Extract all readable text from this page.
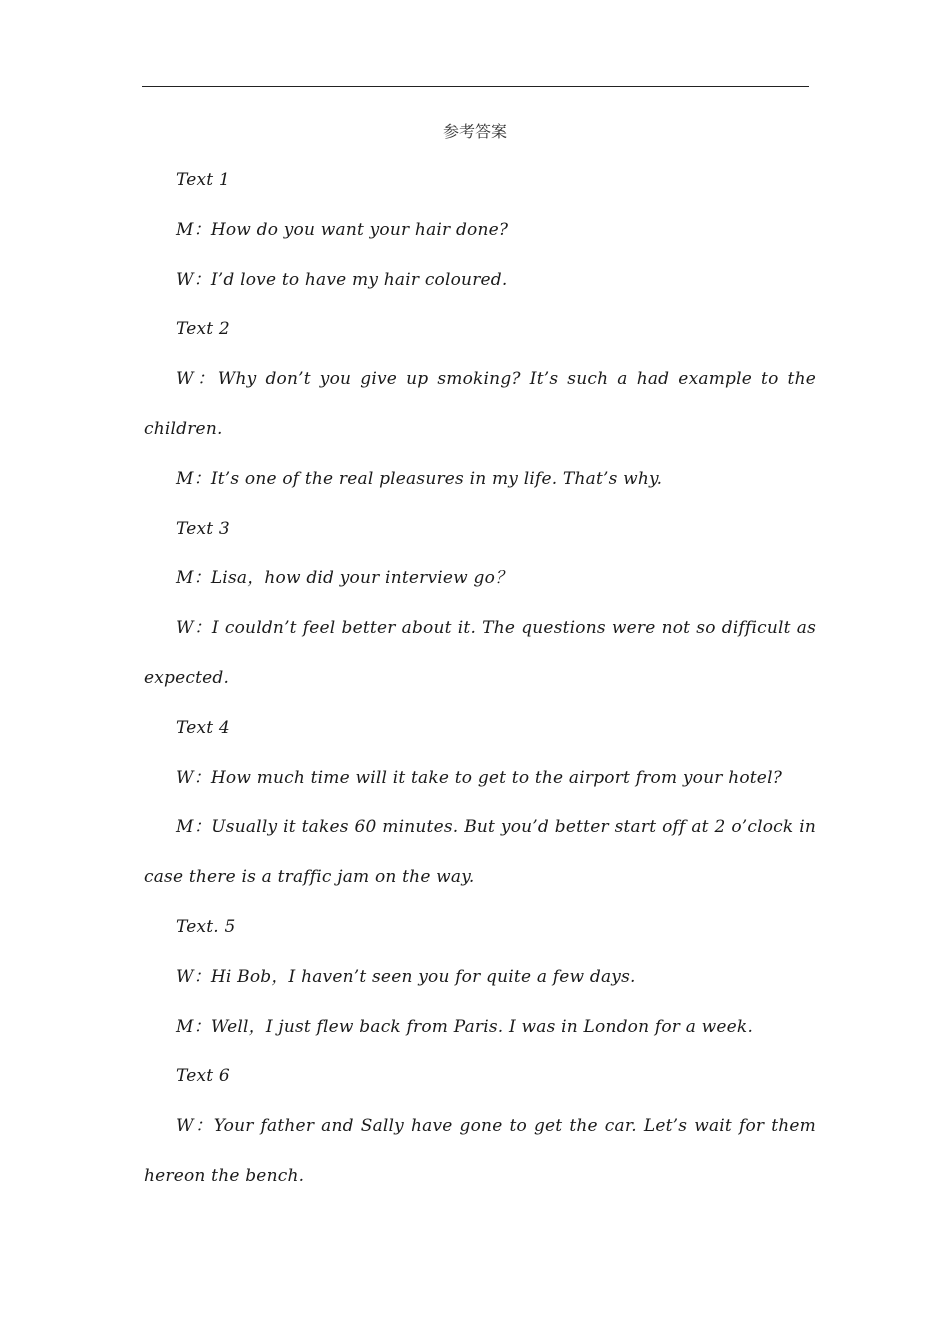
参考答案

Text 1

M：How do you want your hair done?

W：I’d love to have my hair coloured.

Text 2

W：Why don’t you give up smoking? It’s such a had example to the children.

M：It’s one of the real pleasures in my life. That’s why.

Text 3

M：Lisa，how did your interview go？

W：I couldn’t feel better about it. The questions were not so difficult as expected.

Text 4

W：How much time will it take to get to the airport from your hotel?

M：Usually it takes 60 minutes. But you’d better start off at 2 o’clock in case there is a traffic jam on the way.

Text. 5

W：Hi Bob，I haven’t seen you for quite a few days.

M：Well，I just flew back from Paris. I was in London for a week.

Text 6

W：Your father and Sally have gone to get the car. Let’s wait for them hereon the bench.
